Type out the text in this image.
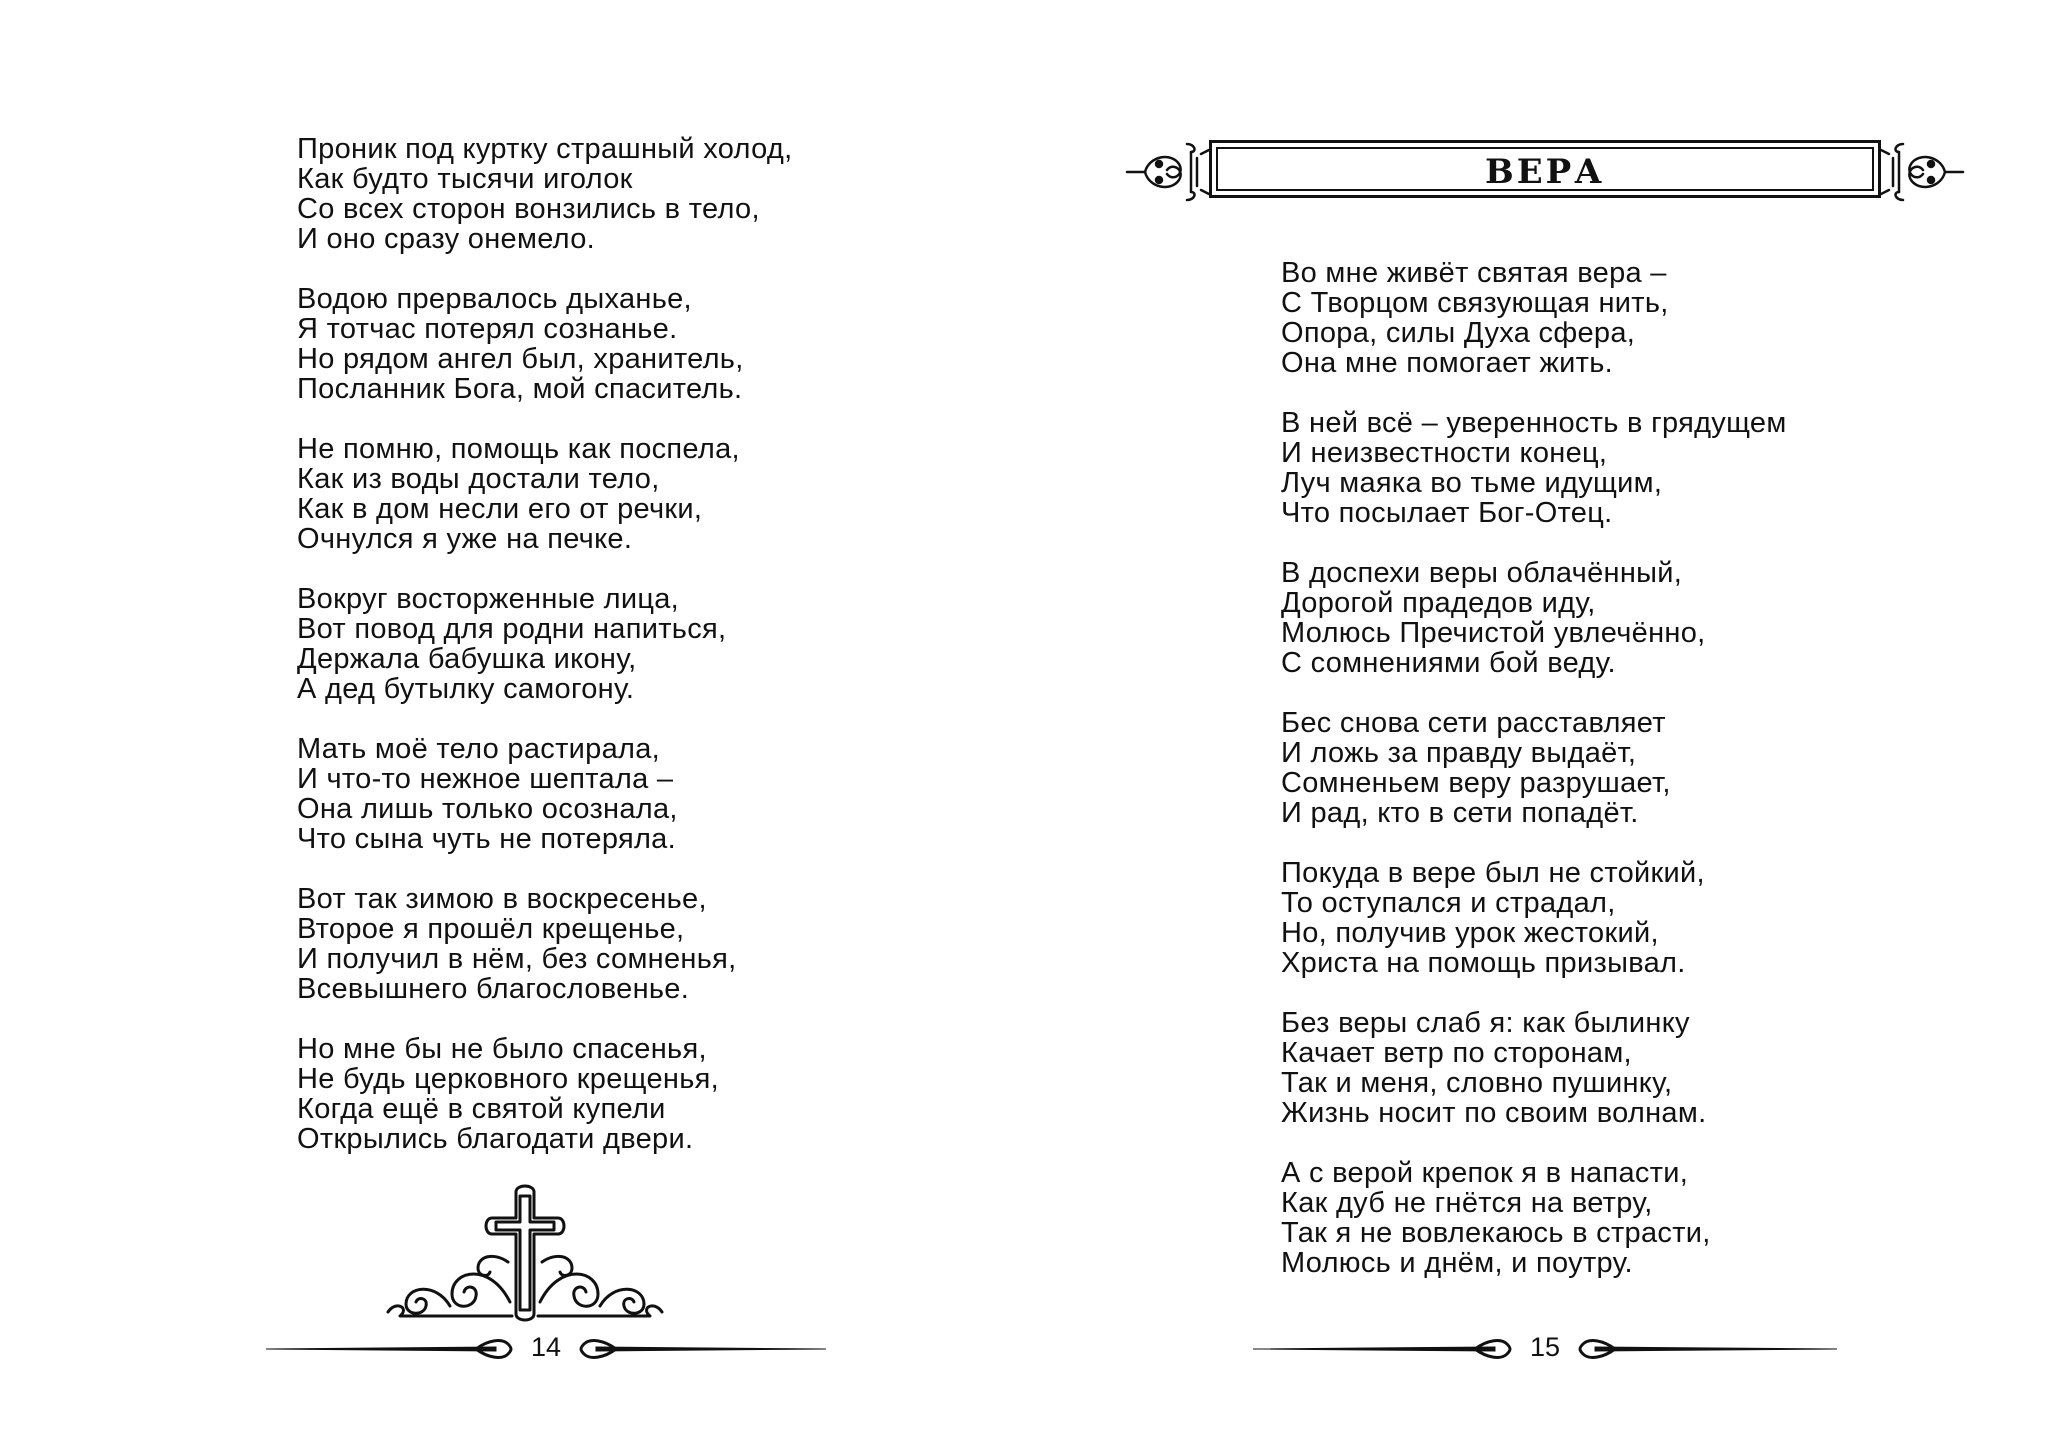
Проник под куртку страшный холод,
Как будто тысячи иголок
Со всех сторон вонзились в тело,
И оно сразу онемело.
Водою прервалось дыханье,
Я тотчас потерял сознанье.
Но рядом ангел был, хранитель,
Посланник Бога, мой спаситель.
Не помню, помощь как поспела,
Как из воды достали тело,
Как в дом несли его от речки,
Очнулся я уже на печке.
Вокруг восторженные лица,
Вот повод для родни напиться,
Держала бабушка икону,
А дед бутылку самогону.
Мать моё тело растирала,
И что-то нежное шептала –
Она лишь только осознала,
Что сына чуть не потеряла.
Вот так зимою в воскресенье,
Второе я прошёл крещенье,
И получил в нём, без сомненья,
Всевышнего благословенье.
Но мне бы не было спасенья,
Не будь церковного крещенья,
Когда ещё в святой купели
Открылись благодати двери.
14
ВЕРА
Во мне живёт святая вера –
С Творцом связующая нить,
Опора, силы Духа сфера,
Она мне помогает жить.
В ней всё – уверенность в грядущем
И неизвестности конец,
Луч маяка во тьме идущим,
Что посылает Бог-Отец.
В доспехи веры облачённый,
Дорогой прадедов иду,
Молюсь Пречистой увлечённо,
С сомнениями бой веду.
Бес снова сети расставляет
И ложь за правду выдаёт,
Сомненьем веру разрушает,
И рад, кто в сети попадёт.
Покуда в вере был не стойкий,
То оступался и страдал,
Но, получив урок жестокий,
Христа на помощь призывал.
Без веры слаб я: как былинку
Качает ветр по сторонам,
Так и меня, словно пушинку,
Жизнь носит по своим волнам.
А с верой крепок я в напасти,
Как дуб не гнётся на ветру,
Так я не вовлекаюсь в страсти,
Молюсь и днём, и поутру.
15
